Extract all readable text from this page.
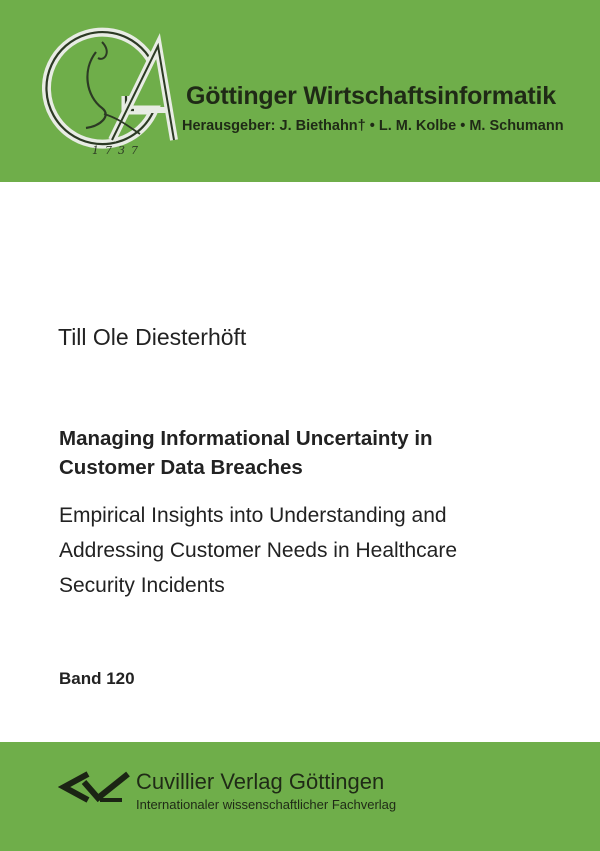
1737
Göttinger Wirtschaftsinformatik
Herausgeber: J. Biethahn† • L. M. Kolbe • M. Schumann
Till Ole Diesterhöft
Managing Informational Uncertainty in
Customer Data Breaches
Empirical Insights into Understanding and
Addressing Customer Needs in Healthcare
Security Incidents
Band 120
Cuvillier Verlag Göttingen
Internationaler wissenschaftlicher Fachverlag
